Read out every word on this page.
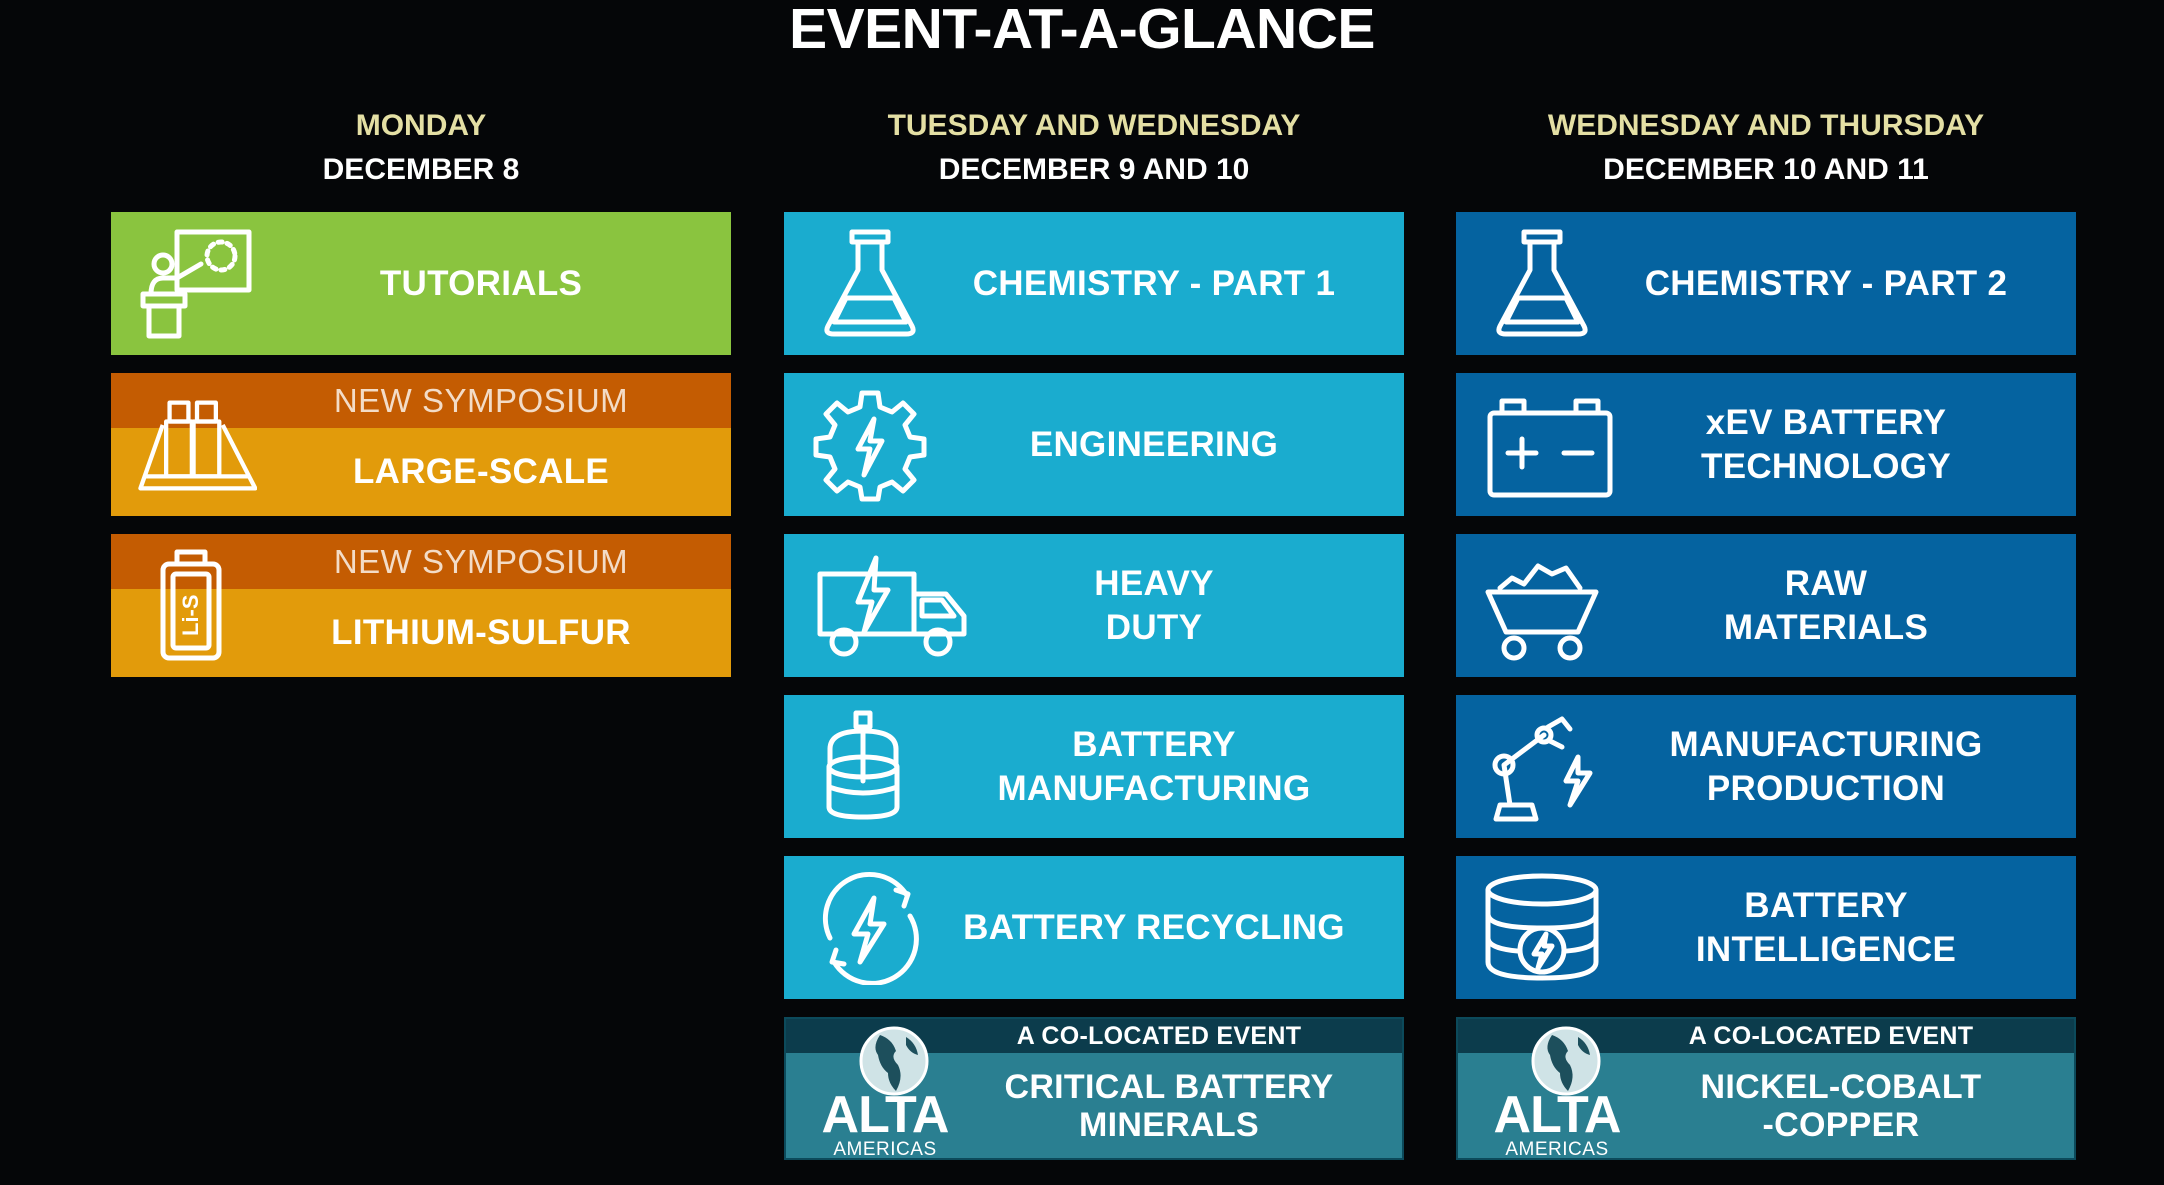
EVENT-AT-A-GLANCE
MONDAY
DECEMBER 8
TUTORIALS
NEW SYMPOSIUM
LARGE-SCALE
NEW SYMPOSIUM
Li-S	LITHIUM-SULFUR
TUESDAY AND WEDNESDAY
DECEMBER 9 AND 10
CHEMISTRY - PART 1
ENGINEERING
HEAVY
DUTY
BATTERY
MANUFACTURING
BATTERY RECYCLING
A CO-LOCATED EVENT
ALTA
AMERICAS
CRITICAL BATTERY
MINERALS
WEDNESDAY AND THURSDAY
DECEMBER 10 AND 11
CHEMISTRY - PART 2
xEV BATTERY
TECHNOLOGY
RAW
MATERIALS
MANUFACTURING
PRODUCTION
BATTERY
INTELLIGENCE
A CO-LOCATED EVENT
ALTA
AMERICAS
NICKEL-COBALT
-COPPER
